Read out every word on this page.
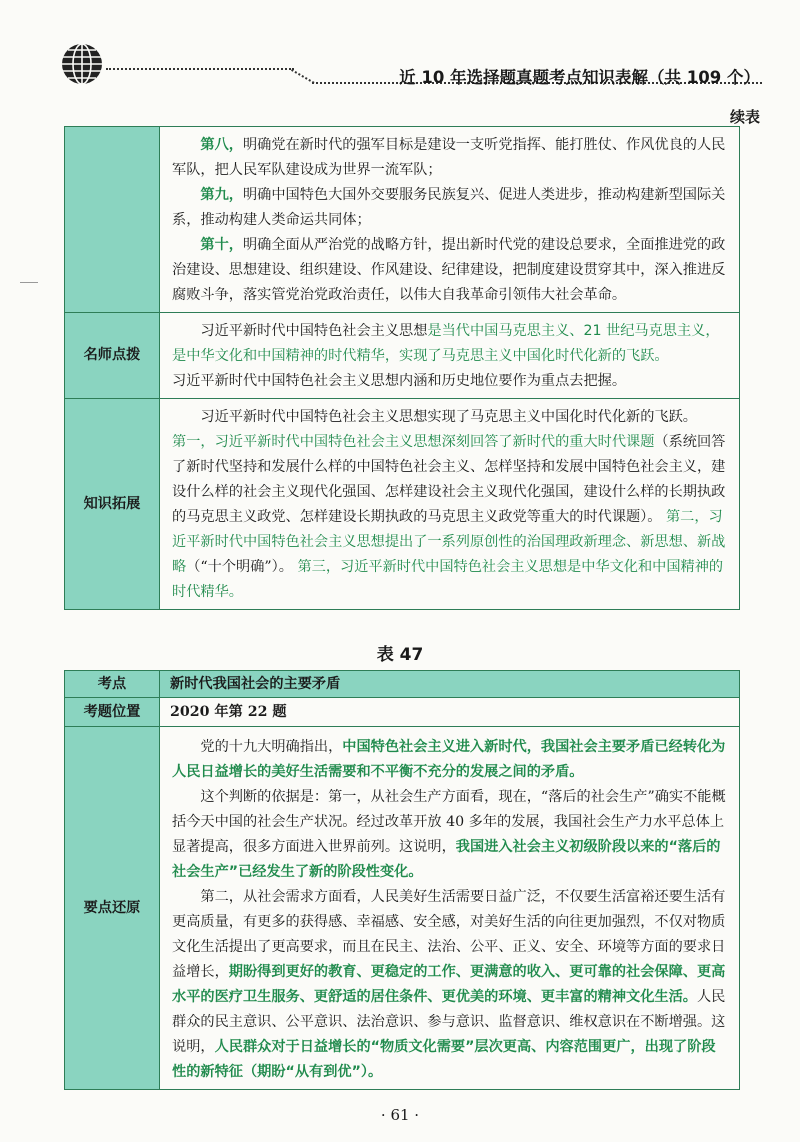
近 10 年选择题真题考点知识表解（共 109 个）
续表

	第八，明确党在新时代的强军目标是建设一支听党指挥、能打胜仗、作风优良的人民军队，把人民军队建设成为世界一流军队；

第九，明确中国特色大国外交要服务民族复兴、促进人类进步，推动构建新型国际关系，推动构建人类命运共同体；

第十，明确全面从严治党的战略方针，提出新时代党的建设总要求，全面推进党的政治建设、思想建设、组织建设、作风建设、纪律建设，把制度建设贯穿其中，深入推进反腐败斗争，落实管党治党政治责任，以伟大自我革命引领伟大社会革命。

名师点拨	习近平新时代中国特色社会主义思想是当代中国马克思主义、21 世纪马克思主义，是中华文化和中国精神的时代精华，实现了马克思主义中国化时代化新的飞跃。

习近平新时代中国特色社会主义思想内涵和历史地位要作为重点去把握。

知识拓展	习近平新时代中国特色社会主义思想实现了马克思主义中国化时代化新的飞跃。

第一，习近平新时代中国特色社会主义思想深刻回答了新时代的重大时代课题（系统回答了新时代坚持和发展什么样的中国特色社会主义、怎样坚持和发展中国特色社会主义，建设什么样的社会主义现代化强国、怎样建设社会主义现代化强国，建设什么样的长期执政的马克思主义政党、怎样建设长期执政的马克思主义政党等重大的时代课题）。 第二，习近平新时代中国特色社会主义思想提出了一系列原创性的治国理政新理念、新思想、新战略（“十个明确”）。 第三，习近平新时代中国特色社会主义思想是中华文化和中国精神的时代精华。

表 47
考点	新时代我国社会的主要矛盾
考题位置	2020 年第 22 题
要点还原	党的十九大明确指出，中国特色社会主义进入新时代，我国社会主要矛盾已经转化为人民日益增长的美好生活需要和不平衡不充分的发展之间的矛盾。

这个判断的依据是：第一，从社会生产方面看，现在，“落后的社会生产”确实不能概括今天中国的社会生产状况。经过改革开放 40 多年的发展，我国社会生产力水平总体上显著提高，很多方面进入世界前列。这说明，我国进入社会主义初级阶段以来的“落后的社会生产”已经发生了新的阶段性变化。

第二，从社会需求方面看，人民美好生活需要日益广泛，不仅要生活富裕还要生活有更高质量，有更多的获得感、幸福感、安全感，对美好生活的向往更加强烈，不仅对物质文化生活提出了更高要求，而且在民主、法治、公平、正义、安全、环境等方面的要求日益增长，期盼得到更好的教育、更稳定的工作、更满意的收入、更可靠的社会保障、更高水平的医疗卫生服务、更舒适的居住条件、更优美的环境、更丰富的精神文化生活。人民群众的民主意识、公平意识、法治意识、参与意识、监督意识、维权意识在不断增强。这说明，人民群众对于日益增长的“物质文化需要”层次更高、内容范围更广，出现了阶段性的新特征（期盼“从有到优”）。

· 61 ·
